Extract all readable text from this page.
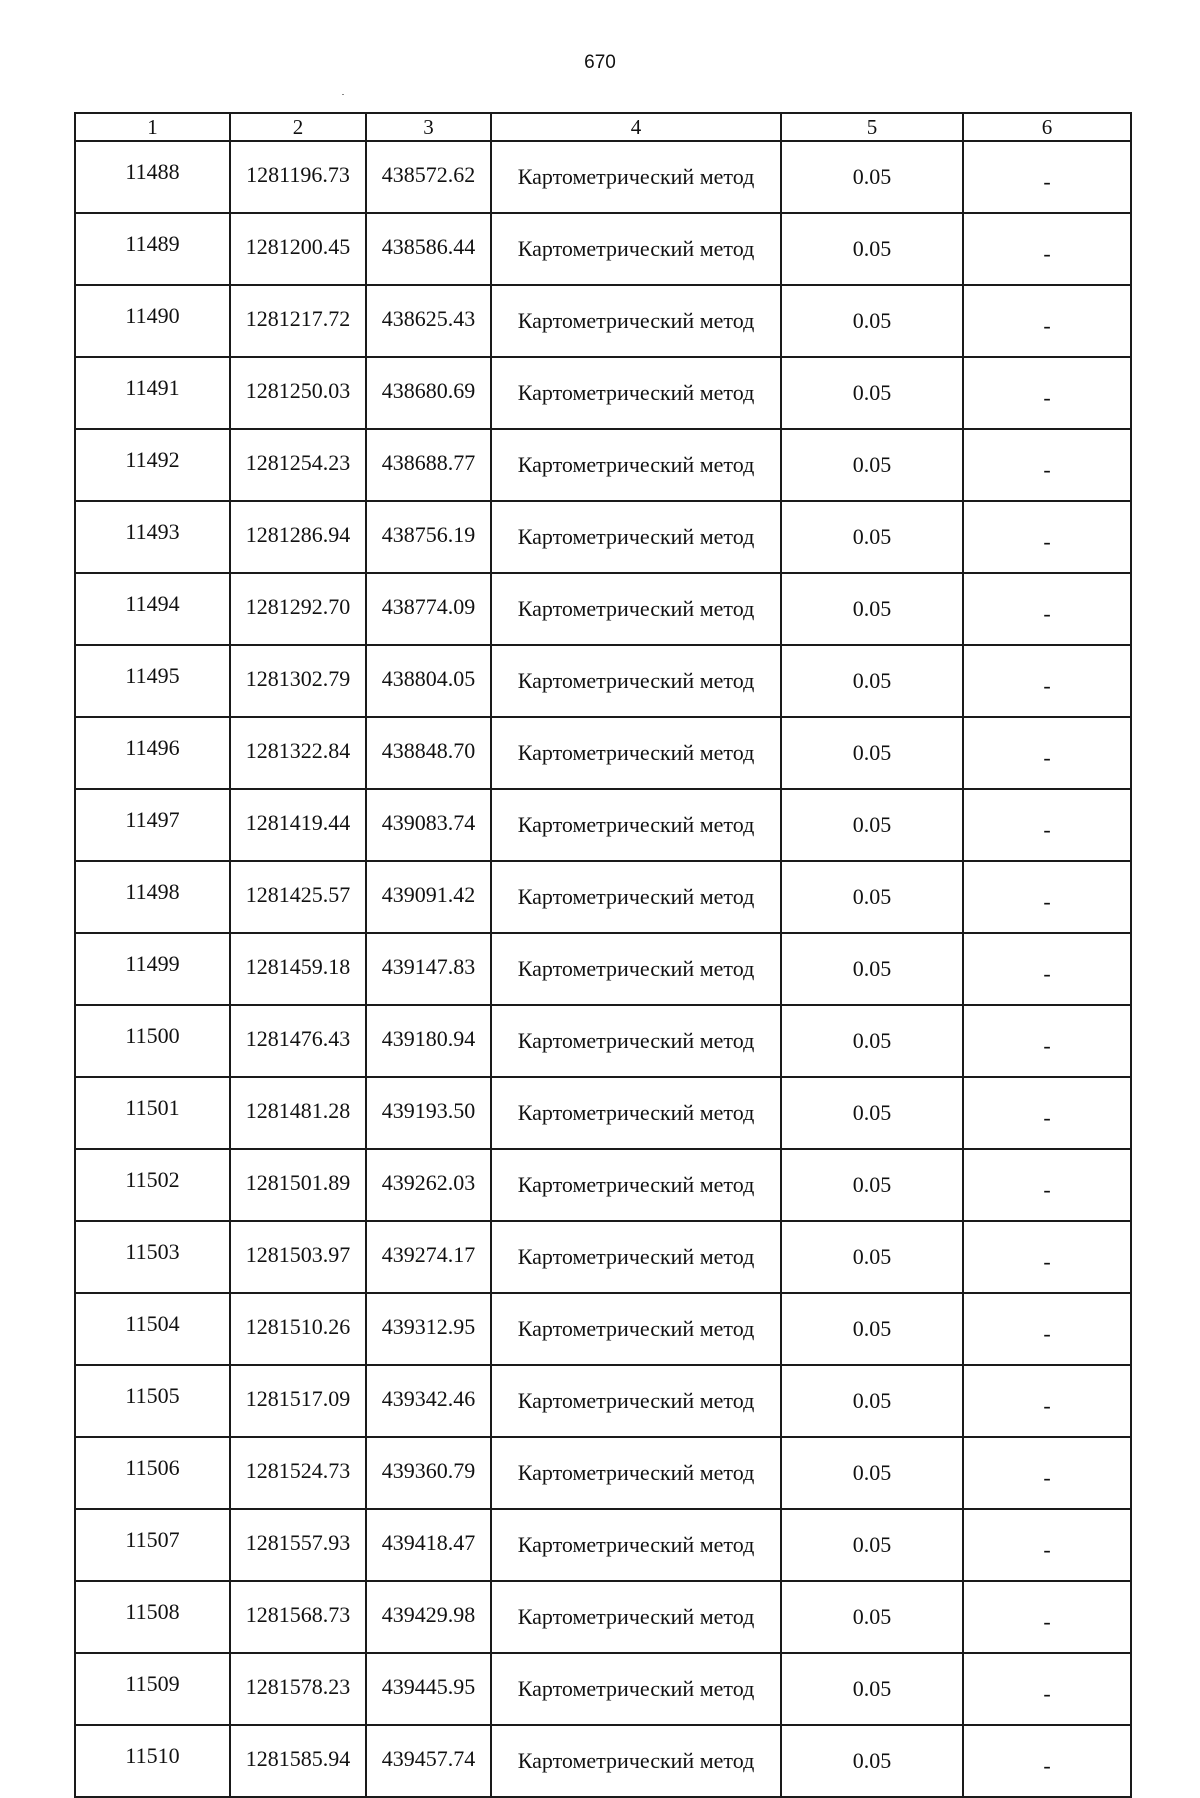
670
1	2	3	4	5	6
11488	1281196.73	438572.62	Картометрический метод	0.05	-
11489	1281200.45	438586.44	Картометрический метод	0.05	-
11490	1281217.72	438625.43	Картометрический метод	0.05	-
11491	1281250.03	438680.69	Картометрический метод	0.05	-
11492	1281254.23	438688.77	Картометрический метод	0.05	-
11493	1281286.94	438756.19	Картометрический метод	0.05	-
11494	1281292.70	438774.09	Картометрический метод	0.05	-
11495	1281302.79	438804.05	Картометрический метод	0.05	-
11496	1281322.84	438848.70	Картометрический метод	0.05	-
11497	1281419.44	439083.74	Картометрический метод	0.05	-
11498	1281425.57	439091.42	Картометрический метод	0.05	-
11499	1281459.18	439147.83	Картометрический метод	0.05	-
11500	1281476.43	439180.94	Картометрический метод	0.05	-
11501	1281481.28	439193.50	Картометрический метод	0.05	-
11502	1281501.89	439262.03	Картометрический метод	0.05	-
11503	1281503.97	439274.17	Картометрический метод	0.05	-
11504	1281510.26	439312.95	Картометрический метод	0.05	-
11505	1281517.09	439342.46	Картометрический метод	0.05	-
11506	1281524.73	439360.79	Картометрический метод	0.05	-
11507	1281557.93	439418.47	Картометрический метод	0.05	-
11508	1281568.73	439429.98	Картометрический метод	0.05	-
11509	1281578.23	439445.95	Картометрический метод	0.05	-
11510	1281585.94	439457.74	Картометрический метод	0.05	-
